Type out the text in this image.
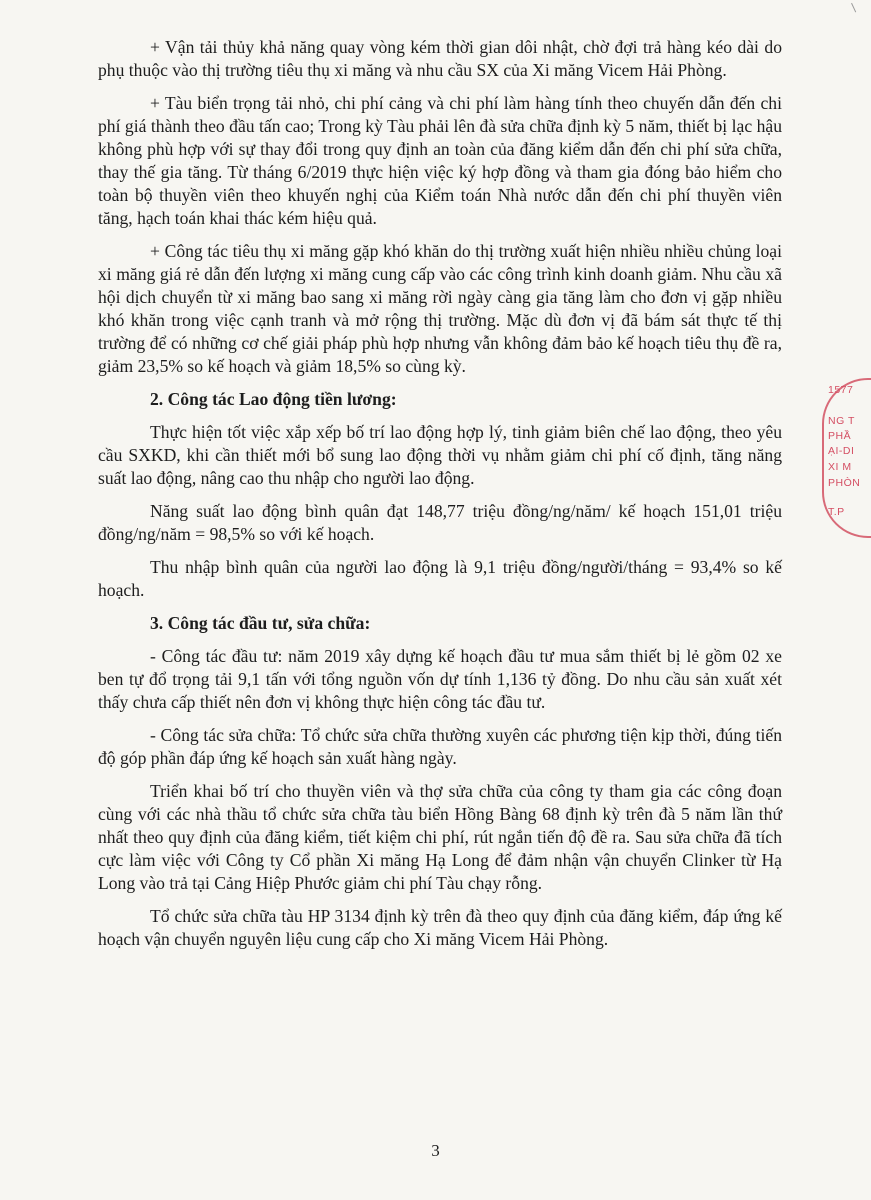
+ Vận tải thủy khả năng quay vòng kém thời gian dôi nhật, chờ đợi trả hàng kéo dài do phụ thuộc vào thị trường tiêu thụ xi măng và nhu cầu SX của Xi măng Vicem Hải Phòng.

+ Tàu biển trọng tải nhỏ, chi phí cảng và chi phí làm hàng tính theo chuyến dẫn đến chi phí giá thành theo đầu tấn cao; Trong kỳ Tàu phải lên đà sửa chữa định kỳ 5 năm, thiết bị lạc hậu không phù hợp với sự thay đổi trong quy định an toàn của đăng kiểm dẫn đến chi phí sửa chữa, thay thế gia tăng. Từ tháng 6/2019 thực hiện việc ký hợp đồng và tham gia đóng bảo hiểm cho toàn bộ thuyền viên theo khuyến nghị của Kiểm toán Nhà nước dẫn đến chi phí thuyền viên tăng, hạch toán khai thác kém hiệu quả.

+ Công tác tiêu thụ xi măng gặp khó khăn do thị trường xuất hiện nhiều nhiều chủng loại xi măng giá rẻ dẫn đến lượng xi măng cung cấp vào các công trình kinh doanh giảm. Nhu cầu xã hội dịch chuyển từ xi măng bao sang xi măng rời ngày càng gia tăng làm cho đơn vị gặp nhiều khó khăn trong việc cạnh tranh và mở rộng thị trường. Mặc dù đơn vị đã bám sát thực tế thị trường để có những cơ chế giải pháp phù hợp nhưng vẫn không đảm bảo kế hoạch tiêu thụ đề ra, giảm 23,5% so kế hoạch và giảm 18,5% so cùng kỳ.

2. Công tác Lao động tiền lương:

Thực hiện tốt việc xắp xếp bố trí lao động hợp lý, tinh giảm biên chế lao động, theo yêu cầu SXKD, khi cần thiết mới bổ sung lao động thời vụ nhằm giảm chi phí cố định, tăng năng suất lao động, nâng cao thu nhập cho người lao động.

Năng suất lao động bình quân đạt 148,77 triệu đồng/ng/năm/ kế hoạch 151,01 triệu đồng/ng/năm = 98,5% so với kế hoạch.

Thu nhập bình quân của người lao động là 9,1 triệu đồng/người/tháng = 93,4% so kế hoạch.

3. Công tác đầu tư, sửa chữa:

- Công tác đầu tư: năm 2019 xây dựng kế hoạch đầu tư mua sắm thiết bị lẻ gồm 02 xe ben tự đổ trọng tải 9,1 tấn với tổng nguồn vốn dự tính 1,136 tỷ đồng. Do nhu cầu sản xuất xét thấy chưa cấp thiết nên đơn vị không thực hiện công tác đầu tư.

- Công tác sửa chữa: Tổ chức sửa chữa thường xuyên các phương tiện kịp thời, đúng tiến độ góp phần đáp ứng kế hoạch sản xuất hàng ngày.

Triển khai bố trí cho thuyền viên và thợ sửa chữa của công ty tham gia các công đoạn cùng với các nhà thầu tổ chức sửa chữa tàu biển Hồng Bàng 68 định kỳ trên đà 5 năm lần thứ nhất theo quy định của đăng kiểm, tiết kiệm chi phí, rút ngắn tiến độ đề ra. Sau sửa chữa đã tích cực làm việc với Công ty Cổ phần Xi măng Hạ Long để đảm nhận vận chuyển Clinker từ Hạ Long vào trả tại Cảng Hiệp Phước giảm chi phí Tàu chạy rỗng.

Tổ chức sửa chữa tàu HP 3134 định kỳ trên đà theo quy định của đăng kiểm, đáp ứng kế hoạch vận chuyển nguyên liệu cung cấp cho Xi măng Vicem Hải Phòng.

3
1577
NG T
PHẦ
ẠI-DI
XI M
PHÒN
T.P
